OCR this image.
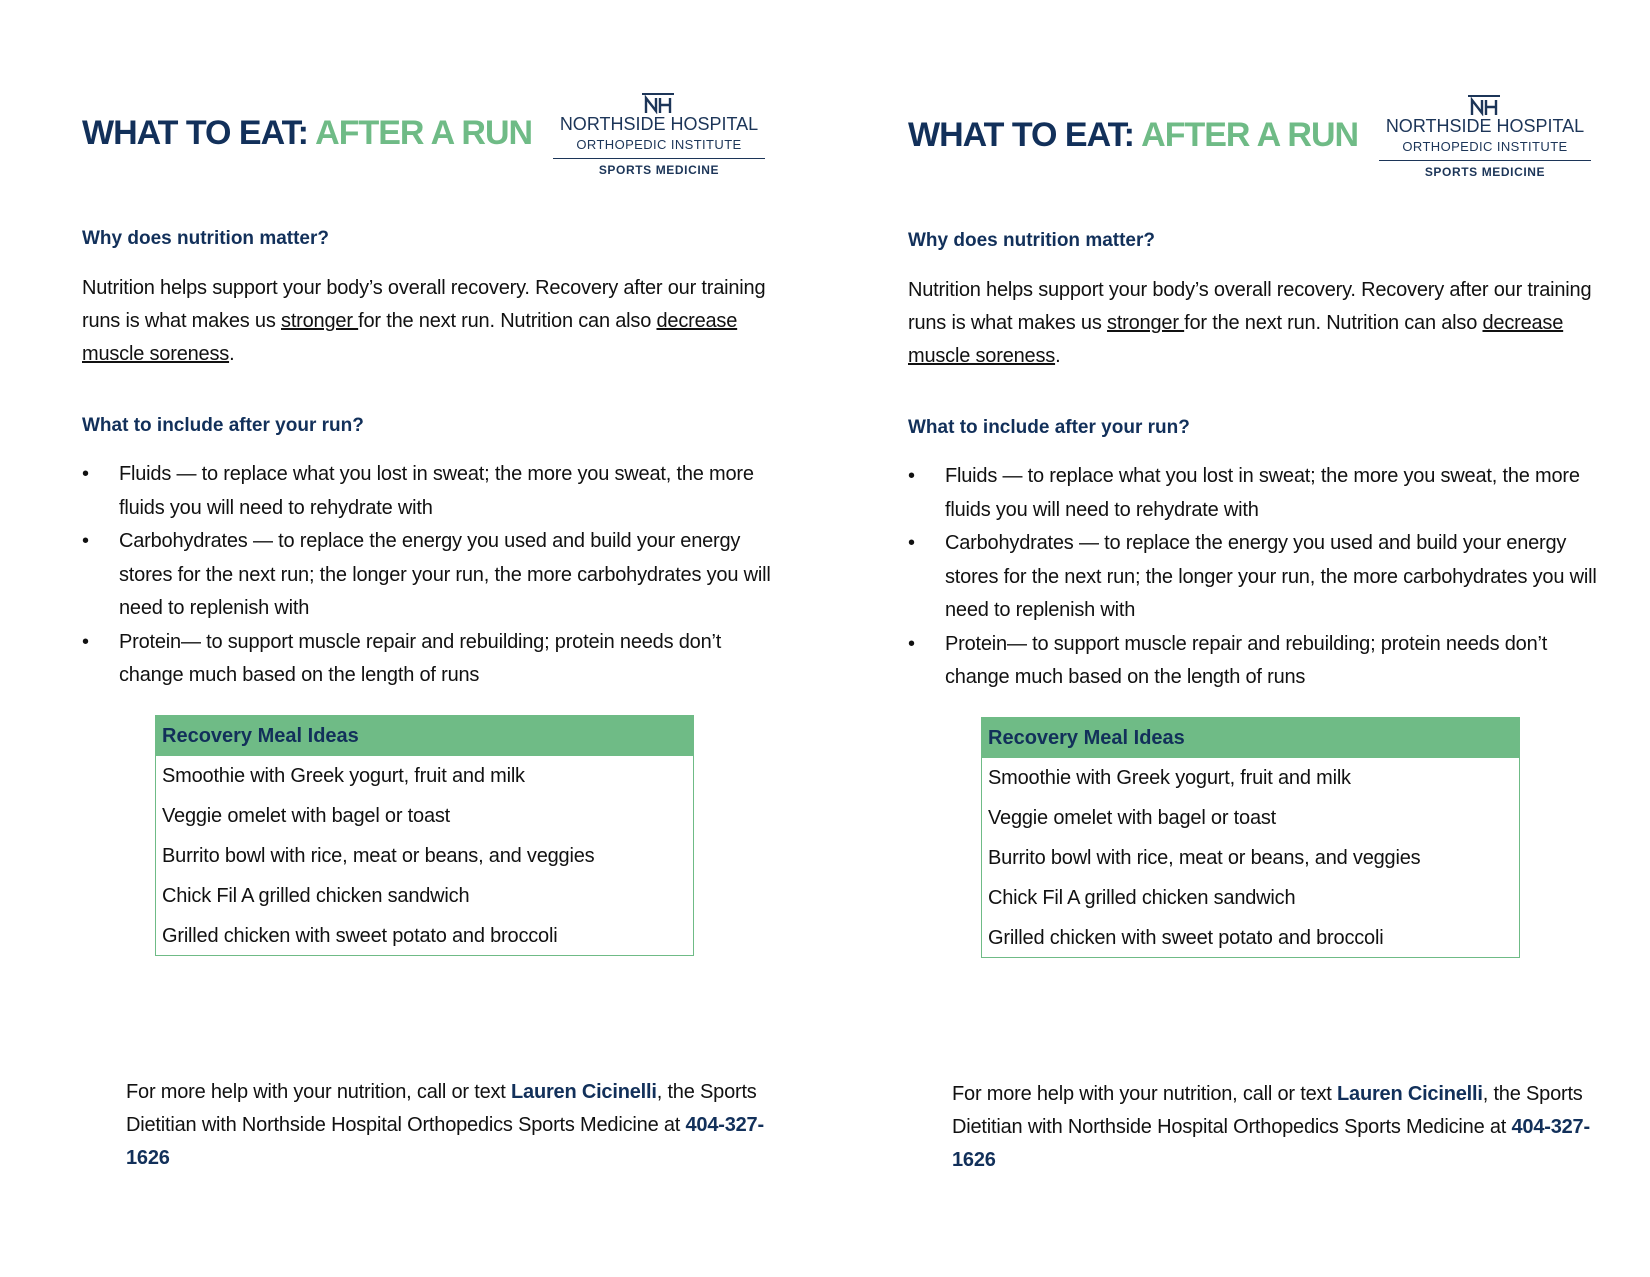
WHAT TO EAT: AFTER A RUN	NORTHSIDE HOSPITAL
ORTHOPEDIC INSTITUTE
SPORTS MEDICINE
Why does nutrition matter?

Nutrition helps support your body’s overall recovery. Recovery after our training runs is what makes us stronger for the next run. Nutrition can also decrease muscle soreness.

What to include after your run?
• Fluids — to replace what you lost in sweat; the more you sweat, the more fluids you will need to rehydrate with
• Carbohydrates — to replace the energy you used and build your energy stores for the next run; the longer your run, the more carbohydrates you will need to replenish with
• Protein— to support muscle repair and rebuilding; protein needs don’t change much based on the length of runs
Recovery Meal Ideas
Smoothie with Greek yogurt, fruit and milk
Veggie omelet with bagel or toast
Burrito bowl with rice, meat or beans, and veggies
Chick Fil A grilled chicken sandwich
Grilled chicken with sweet potato and broccoli

For more help with your nutrition, call or text Lauren Cicinelli, the Sports Dietitian with Northside Hospital Orthopedics Sports Medicine at 404-327-1626

WHAT TO EAT: AFTER A RUN	NORTHSIDE HOSPITAL
ORTHOPEDIC INSTITUTE
SPORTS MEDICINE
Why does nutrition matter?

Nutrition helps support your body’s overall recovery. Recovery after our training runs is what makes us stronger for the next run. Nutrition can also decrease muscle soreness.

What to include after your run?
• Fluids — to replace what you lost in sweat; the more you sweat, the more fluids you will need to rehydrate with
• Carbohydrates — to replace the energy you used and build your energy stores for the next run; the longer your run, the more carbohydrates you will need to replenish with
• Protein— to support muscle repair and rebuilding; protein needs don’t change much based on the length of runs
Recovery Meal Ideas
Smoothie with Greek yogurt, fruit and milk
Veggie omelet with bagel or toast
Burrito bowl with rice, meat or beans, and veggies
Chick Fil A grilled chicken sandwich
Grilled chicken with sweet potato and broccoli

For more help with your nutrition, call or text Lauren Cicinelli, the Sports Dietitian with Northside Hospital Orthopedics Sports Medicine at 404-327-1626
